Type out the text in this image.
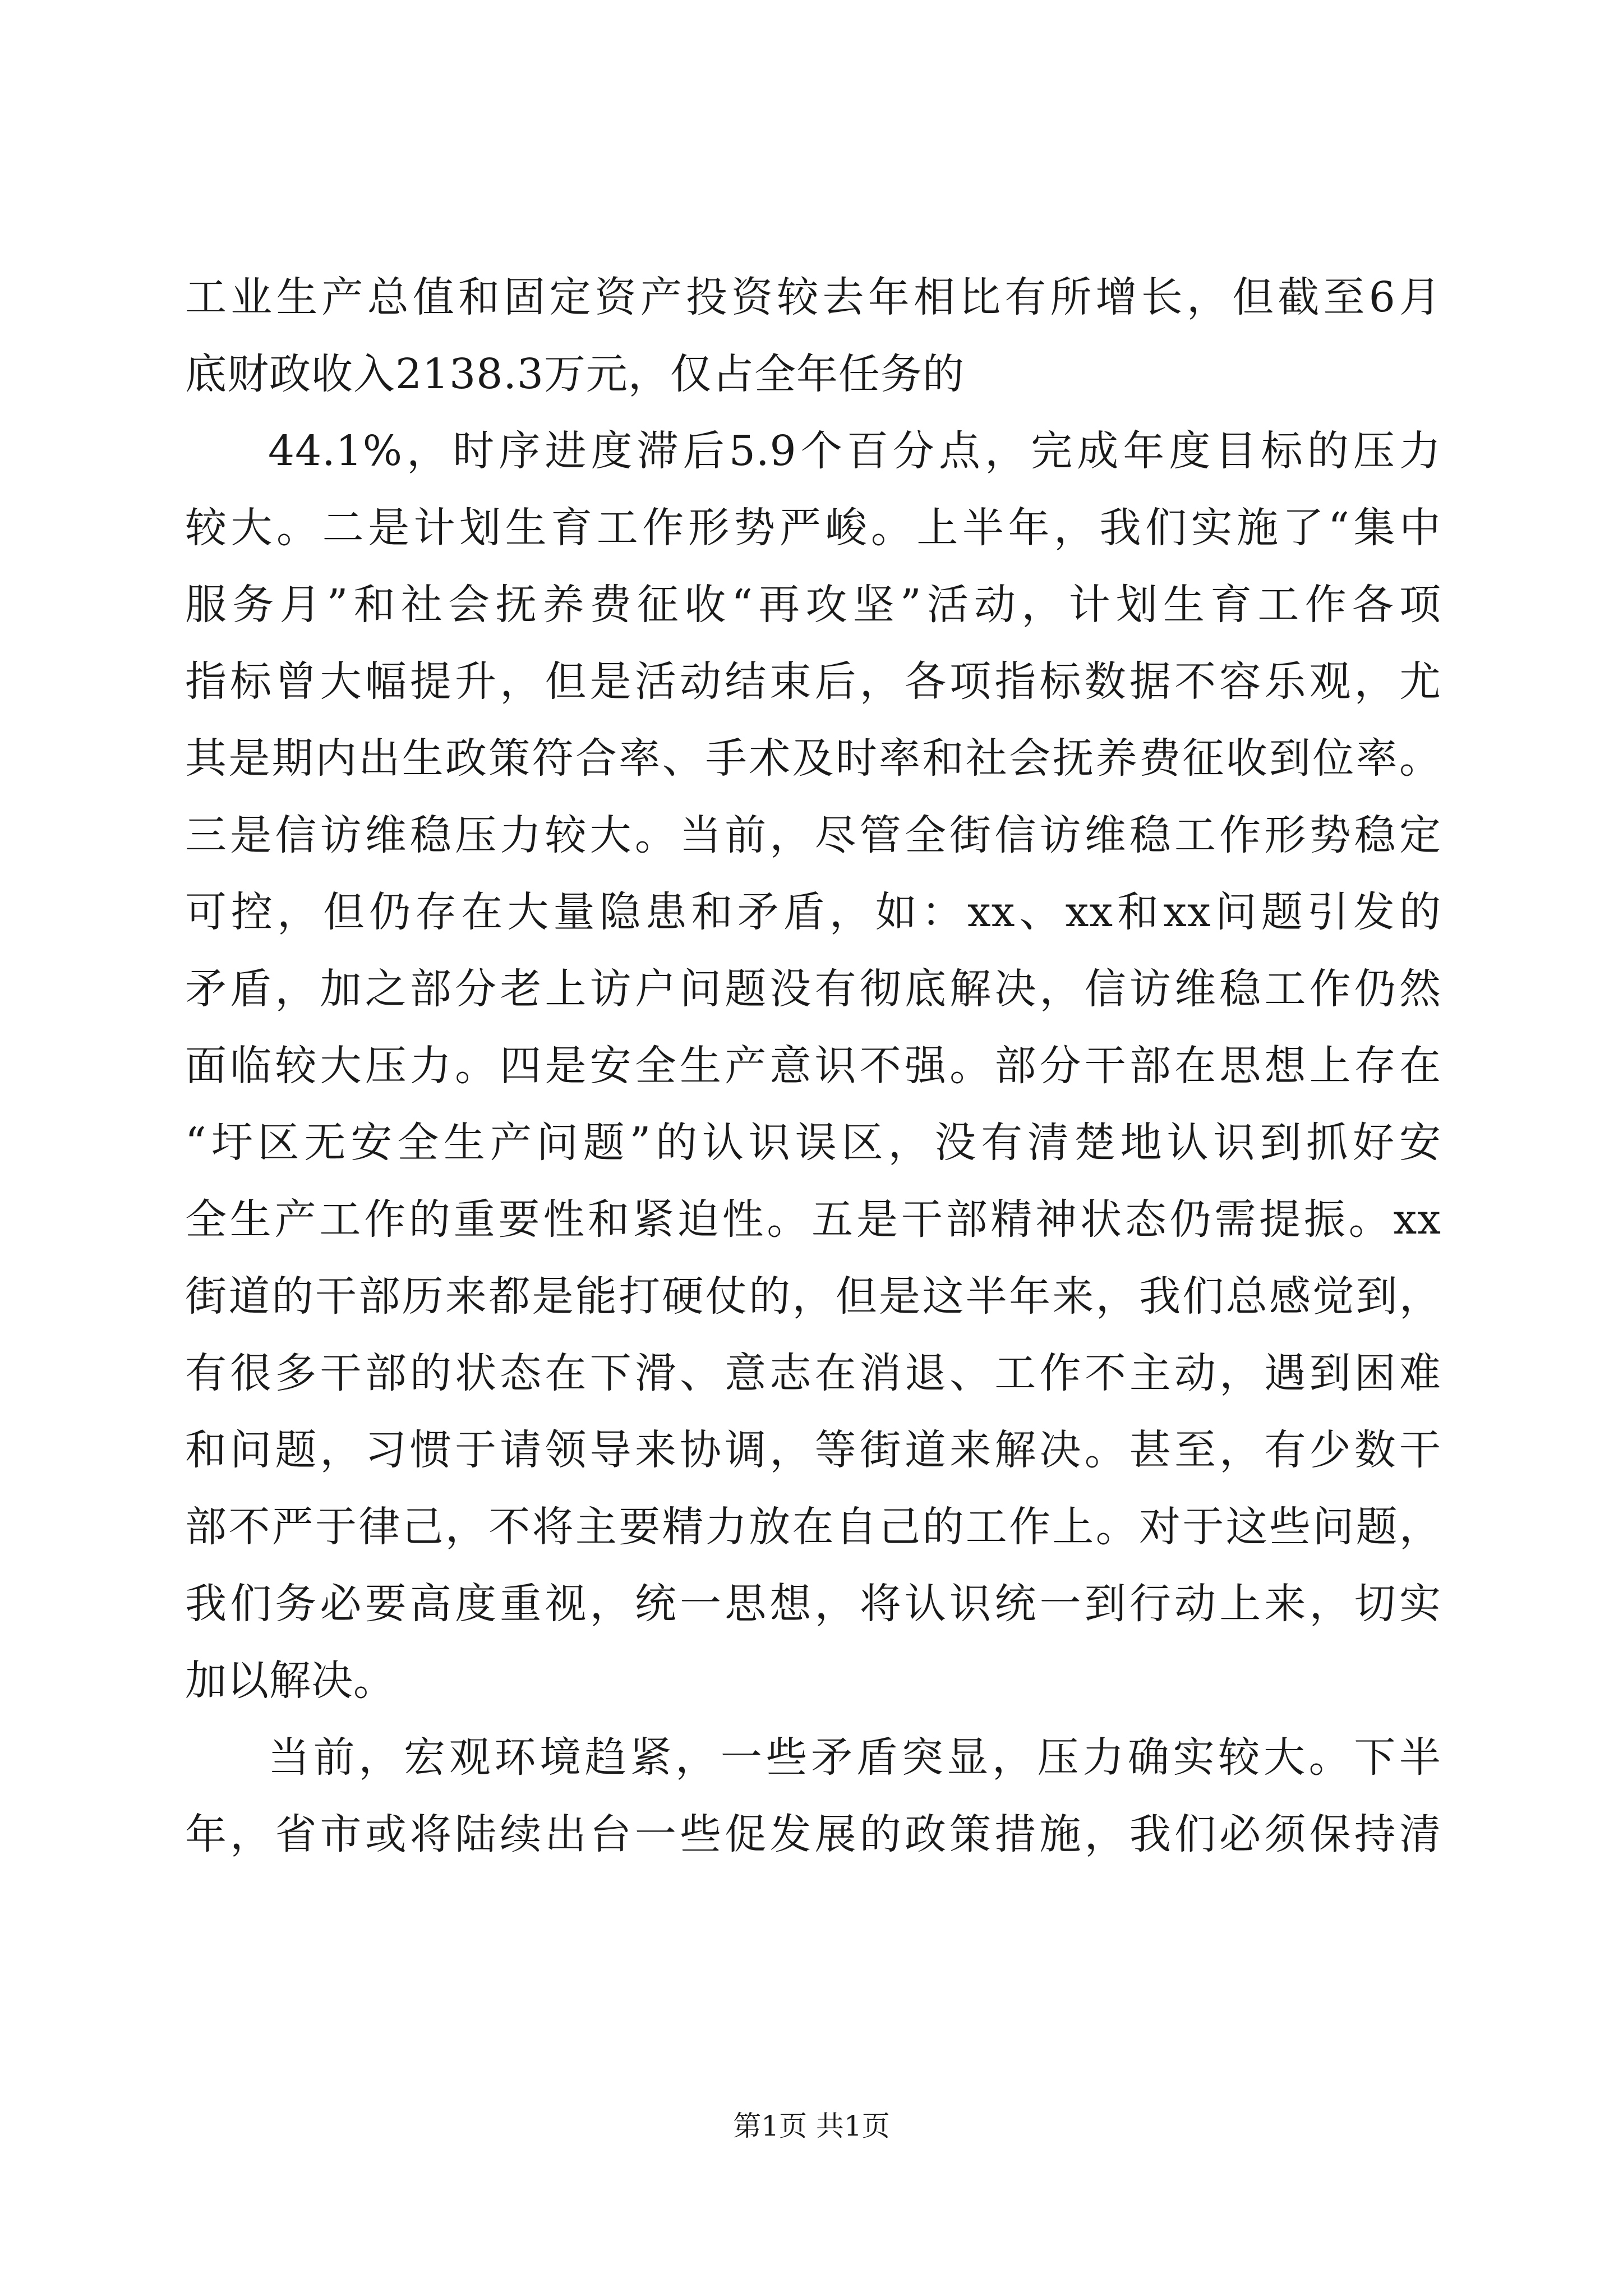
工业生产总值和固定资产投资较去年相比有所增长，但截至6月
底财政收入2138.3万元，仅占全年任务的
44.1%，时序进度滞后5.9个百分点，完成年度目标的压力
较大。二是计划生育工作形势严峻。上半年，我们实施了“集中
服务月”和社会抚养费征收“再攻坚”活动，计划生育工作各项
指标曾大幅提升，但是活动结束后，各项指标数据不容乐观，尤
其是期内出生政策符合率、手术及时率和社会抚养费征收到位率。
三是信访维稳压力较大。当前，尽管全街信访维稳工作形势稳定
可控，但仍存在大量隐患和矛盾，如：xx、xx和xx问题引发的
矛盾，加之部分老上访户问题没有彻底解决，信访维稳工作仍然
面临较大压力。四是安全生产意识不强。部分干部在思想上存在
“圩区无安全生产问题”的认识误区，没有清楚地认识到抓好安
全生产工作的重要性和紧迫性。五是干部精神状态仍需提振。xx
街道的干部历来都是能打硬仗的，但是这半年来，我们总感觉到，
有很多干部的状态在下滑、意志在消退、工作不主动，遇到困难
和问题，习惯于请领导来协调，等街道来解决。甚至，有少数干
部不严于律己，不将主要精力放在自己的工作上。对于这些问题，
我们务必要高度重视，统一思想，将认识统一到行动上来，切实
加以解决。
当前，宏观环境趋紧，一些矛盾突显，压力确实较大。下半
年，省市或将陆续出台一些促发展的政策措施，我们必须保持清
第1页 共1页
